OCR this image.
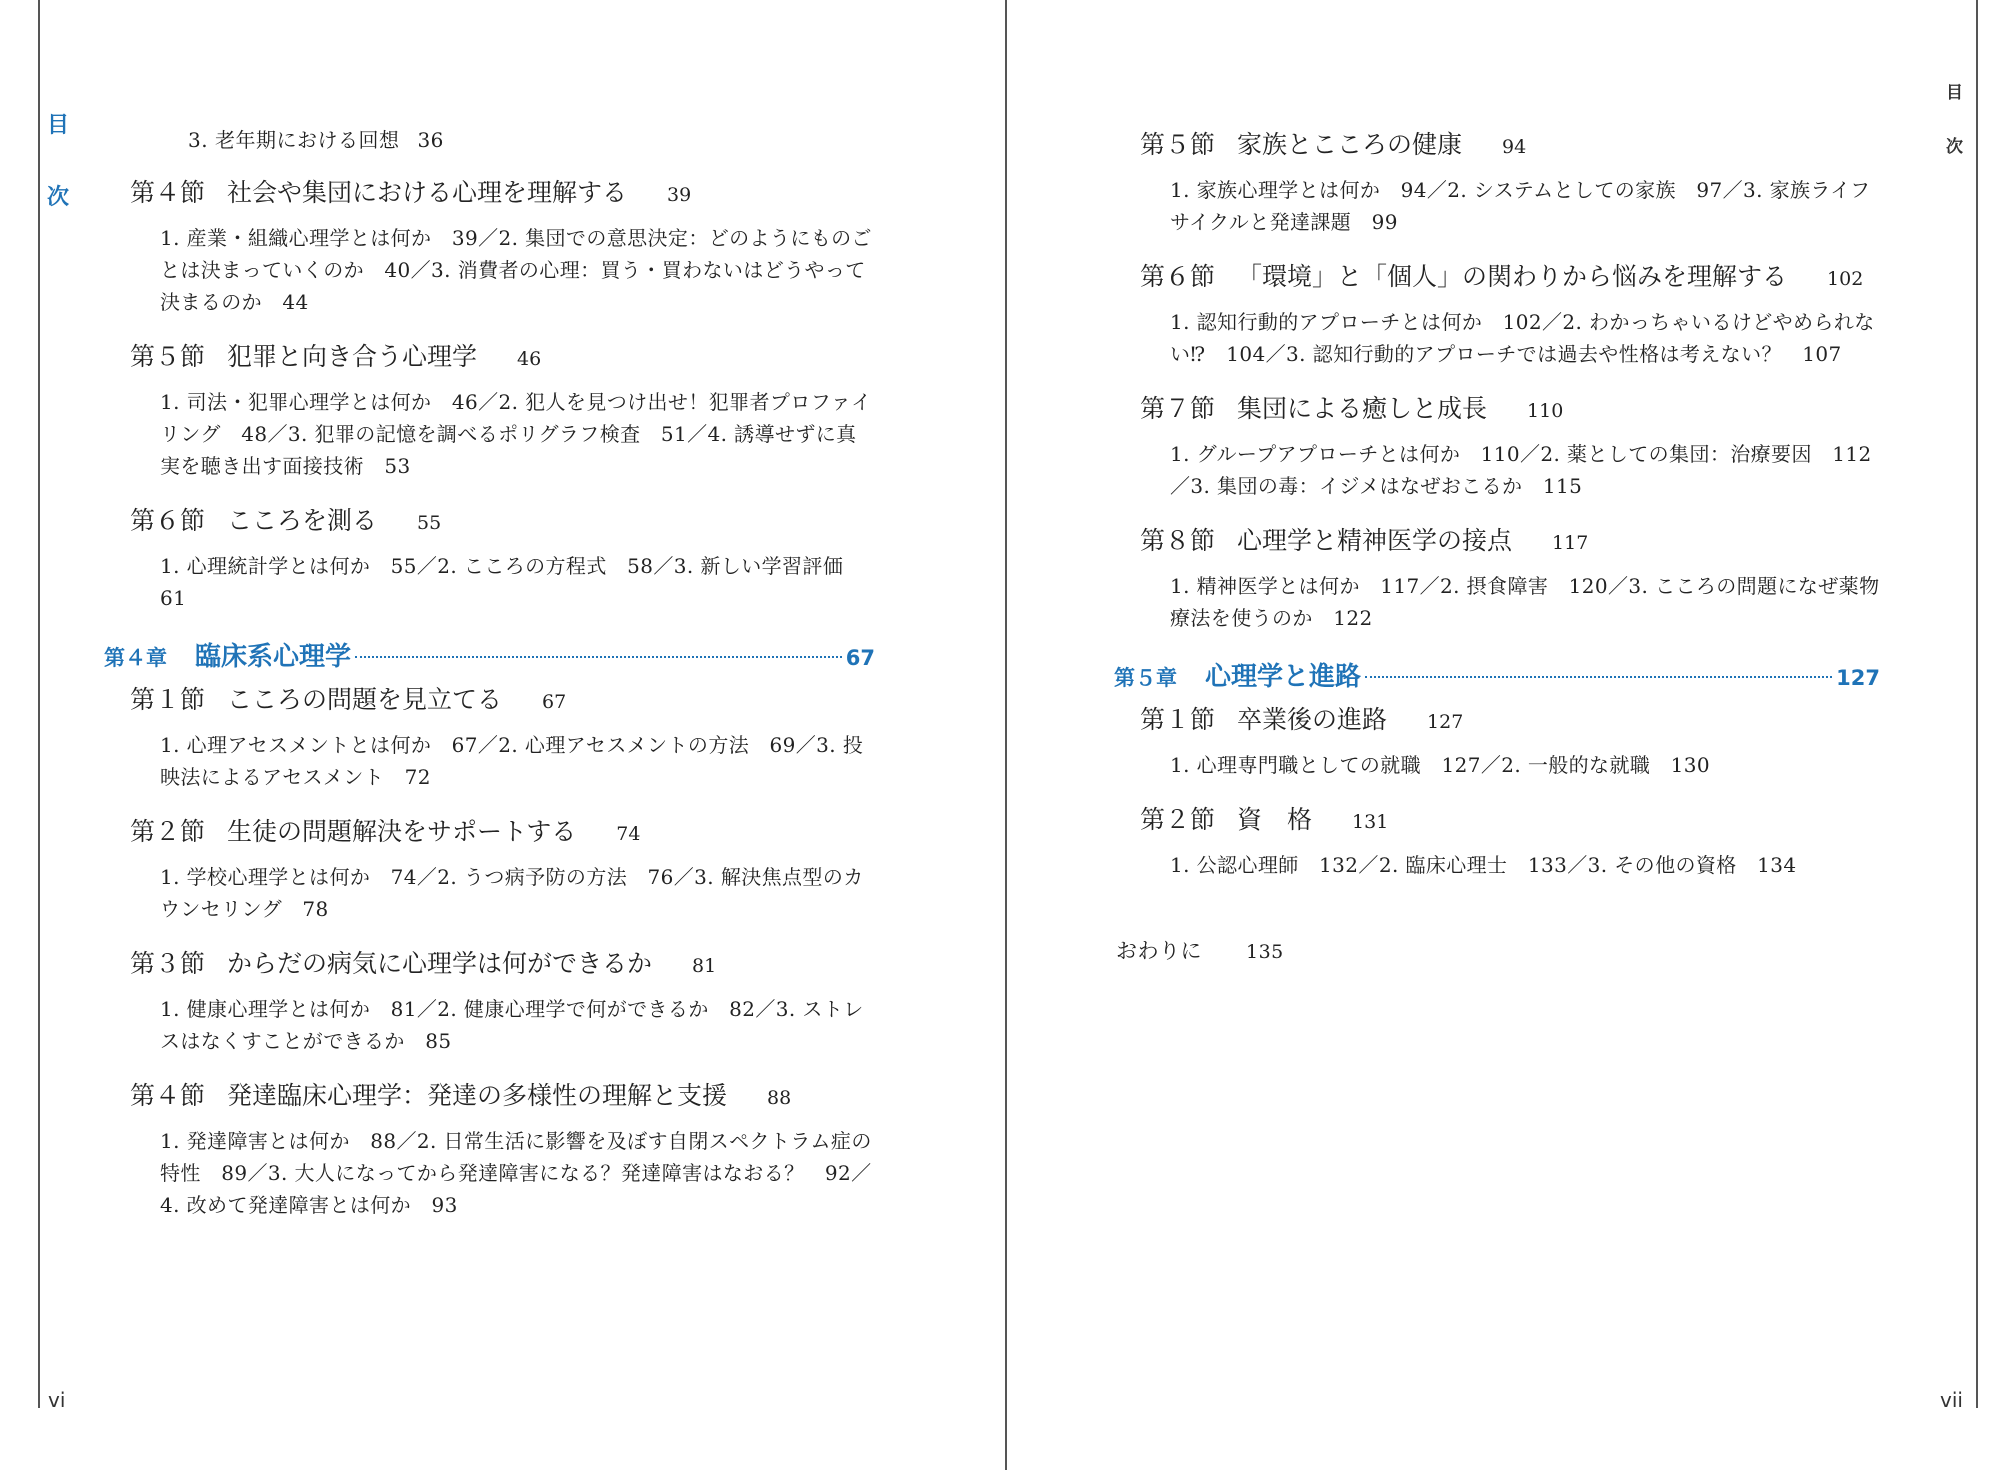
目
次
目
次

3. 老年期における回想 36

第４節 社会や集団における心理を理解する 39

1. 産業・組織心理学とは何か　39／2. 集団での意思決定：どのようにものごとは決まっていくのか　40／3. 消費者の心理：買う・買わないはどうやって決まるのか　44

第５節 犯罪と向き合う心理学 46

1. 司法・犯罪心理学とは何か　46／2. 犯人を見つけ出せ！犯罪者プロファイリング　48／3. 犯罪の記憶を調べるポリグラフ検査　51／4. 誘導せずに真実を聴き出す面接技術　53

第６節 こころを測る 55

1. 心理統計学とは何か　55／2. こころの方程式　58／3. 新しい学習評価　61

第４章 臨床系心理学	67
第１節 こころの問題を見立てる 67

1. 心理アセスメントとは何か　67／2. 心理アセスメントの方法　69／3. 投映法によるアセスメント　72

第２節 生徒の問題解決をサポートする 74

1. 学校心理学とは何か　74／2. うつ病予防の方法　76／3. 解決焦点型のカウンセリング　78

第３節 からだの病気に心理学は何ができるか 81

1. 健康心理学とは何か　81／2. 健康心理学で何ができるか　82／3. ストレスはなくすことができるか　85

第４節 発達臨床心理学：発達の多様性の理解と支援 88

1. 発達障害とは何か　88／2. 日常生活に影響を及ぼす自閉スペクトラム症の特性　89／3. 大人になってから発達障害になる？発達障害はなおる？　92／4. 改めて発達障害とは何か　93

第５節 家族とこころの健康 94

1. 家族心理学とは何か　94／2. システムとしての家族　97／3. 家族ライフサイクルと発達課題　99

第６節 「環境」と「個人」の関わりから悩みを理解する 102

1. 認知行動的アプローチとは何か　102／2. わかっちゃいるけどやめられない⁉　104／3. 認知行動的アプローチでは過去や性格は考えない？　107

第７節 集団による癒しと成長 110

1. グループアプローチとは何か　110／2. 薬としての集団：治療要因　112／3. 集団の毒：イジメはなぜおこるか　115

第８節 心理学と精神医学の接点 117

1. 精神医学とは何か　117／2. 摂食障害　120／3. こころの問題になぜ薬物療法を使うのか　122

第５章 心理学と進路	127
第１節 卒業後の進路 127

1. 心理専門職としての就職　127／2. 一般的な就職　130

第２節 資　格 131

1. 公認心理師　132／2. 臨床心理士　133／3. その他の資格　134

おわりに 135

vi	vii
